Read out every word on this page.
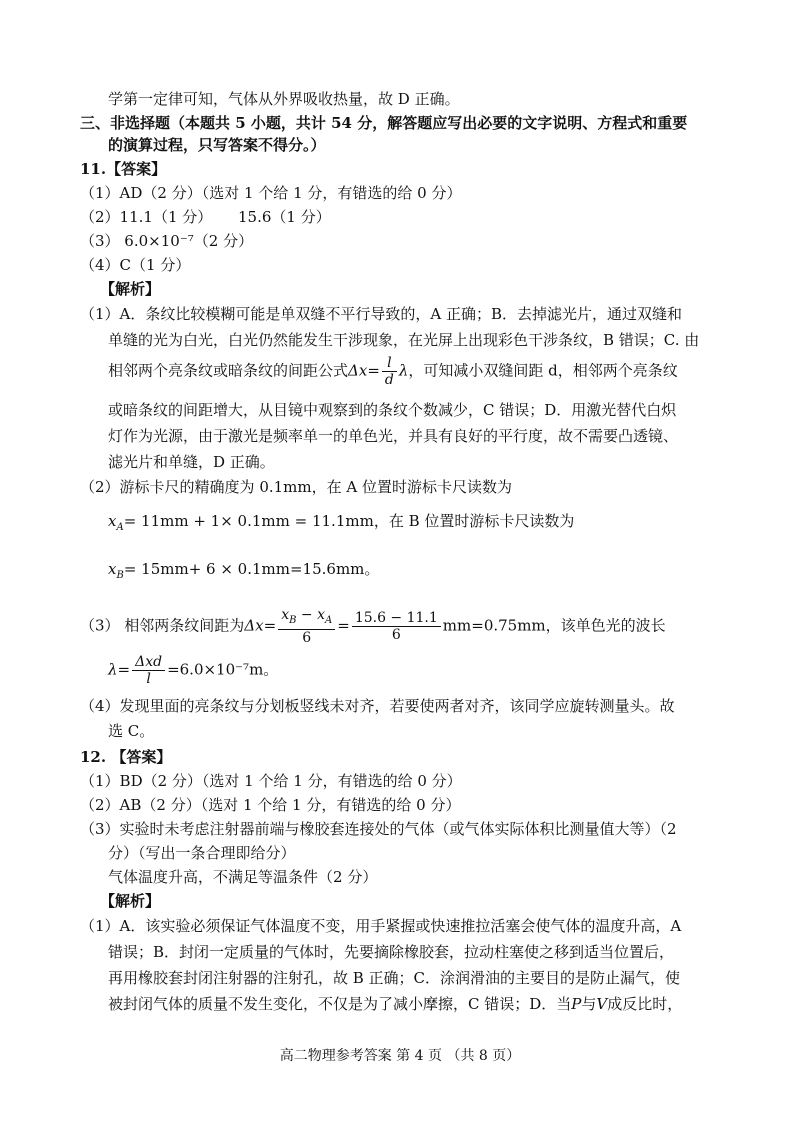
学第一定律可知，气体从外界吸收热量，故 D 正确。
三、非选择题（本题共 5 小题，共计 54 分，解答题应写出必要的文字说明、方程式和重要
的演算过程，只写答案不得分。）
11.【答案】
（1）AD（2 分）（选对 1 个给 1 分，有错选的给 0 分）
（2）11.1（1 分） 15.6（1 分）
（3） 6.0×10⁻⁷（2 分）
（4）C（1 分）
【解析】
（1）A．条纹比较模糊可能是单双缝不平行导致的，A 正确；B．去掉滤光片，通过双缝和
单缝的光为白光，白光仍然能发生干涉现象，在光屏上出现彩色干涉条纹，B 错误；C. 由
相邻两个亮条纹或暗条纹的间距公式$\Delta x= \frac{l}{d}$ λ，可知减小双缝间距 d，相邻两个亮条纹
或暗条纹的间距增大，从目镜中观察到的条纹个数减少，C 错误；D．用激光替代白炽
灯作为光源，由于激光是频率单一的单色光，并具有良好的平行度，故不需要凸透镜、
滤光片和单缝，D 正确。
（2）游标卡尺的精确度为 0.1mm，在 A 位置时游标卡尺读数为
$x_A= 11mm + 1\times 0.1mm = 11.1mm$，在 B 位置时游标卡尺读数为
$x_B= 15mm+ 6 \times 0.1mm=15.6mm$。
（3） 相邻两条纹间距为$\Delta x= \frac{x_B - x_A}{6} = \frac{15.6 - 11.1}{6} mm=0.75mm$，该单色光的波长
$\lambda= \frac{\text{Δxd}}{l} =6.0\times 10^{-7}m$。
（4）发现里面的亮条纹与分划板竖线未对齐，若要使两者对齐，该同学应旋转测量头。故
选 C。
12. 【答案】
（1）BD（2 分）（选对 1 个给 1 分，有错选的给 0 分）
（2）AB（2 分）（选对 1 个给 1 分，有错选的给 0 分）
（3）实验时未考虑注射器前端与橡胶套连接处的气体（或气体实际体积比测量值大等）（2
分）（写出一条合理即给分）
气体温度升高，不满足等温条件（2 分）
【解析】
（1）A．该实验必须保证气体温度不变，用手紧握或快速推拉活塞会使气体的温度升高，A
错误；B．封闭一定质量的气体时，先要摘除橡胶套，拉动柱塞使之移到适当位置后，
再用橡胶套封闭注射器的注射孔，故 B 正确；C．涂润滑油的主要目的是防止漏气，使
被封闭气体的质量不发生变化，不仅是为了减小摩擦，C 错误；D．当P与V成反比时，
高二物理参考答案 第 4 页 （共 8 页）
